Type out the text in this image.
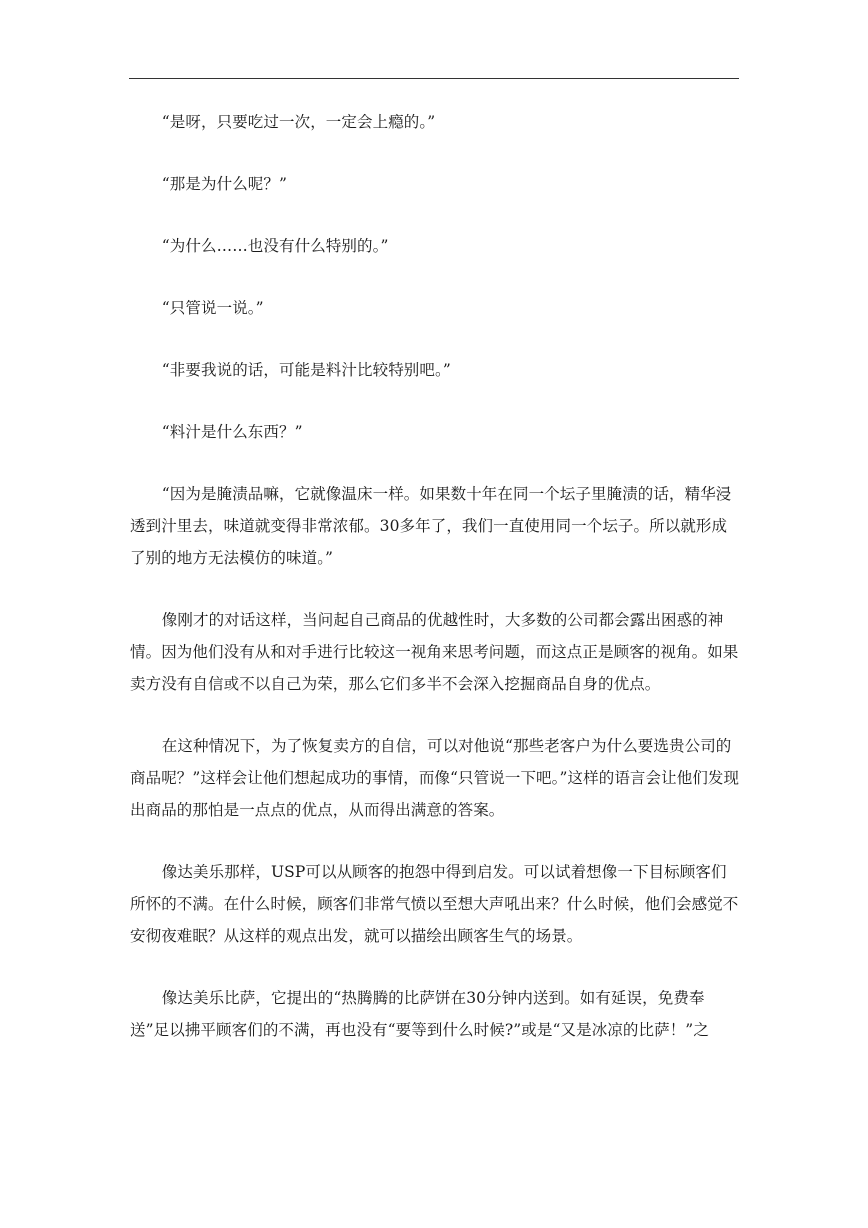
“是呀，只要吃过一次，一定会上瘾的。”

“那是为什么呢？”

“为什么……也没有什么特别的。”

“只管说一说。”

“非要我说的话，可能是料汁比较特别吧。”

“料汁是什么东西？”

“因为是腌渍品嘛，它就像温床一样。如果数十年在同一个坛子里腌渍的话，精华浸透到汁里去，味道就变得非常浓郁。30多年了，我们一直使用同一个坛子。所以就形成了别的地方无法模仿的味道。”

像刚才的对话这样，当问起自己商品的优越性时，大多数的公司都会露出困惑的神情。因为他们没有从和对手进行比较这一视角来思考问题，而这点正是顾客的视角。如果卖方没有自信或不以自己为荣，那么它们多半不会深入挖掘商品自身的优点。

在这种情况下，为了恢复卖方的自信，可以对他说“那些老客户为什么要选贵公司的商品呢？”这样会让他们想起成功的事情，而像“只管说一下吧。”这样的语言会让他们发现出商品的那怕是一点点的优点，从而得出满意的答案。

像达美乐那样，USP可以从顾客的抱怨中得到启发。可以试着想像一下目标顾客们所怀的不满。在什么时候，顾客们非常气愤以至想大声吼出来？什么时候，他们会感觉不安彻夜难眠？从这样的观点出发，就可以描绘出顾客生气的场景。

像达美乐比萨，它提出的“热腾腾的比萨饼在30分钟内送到。如有延误，免费奉送”足以拂平顾客们的不满，再也没有“要等到什么时候?”或是“又是冰凉的比萨！”之
